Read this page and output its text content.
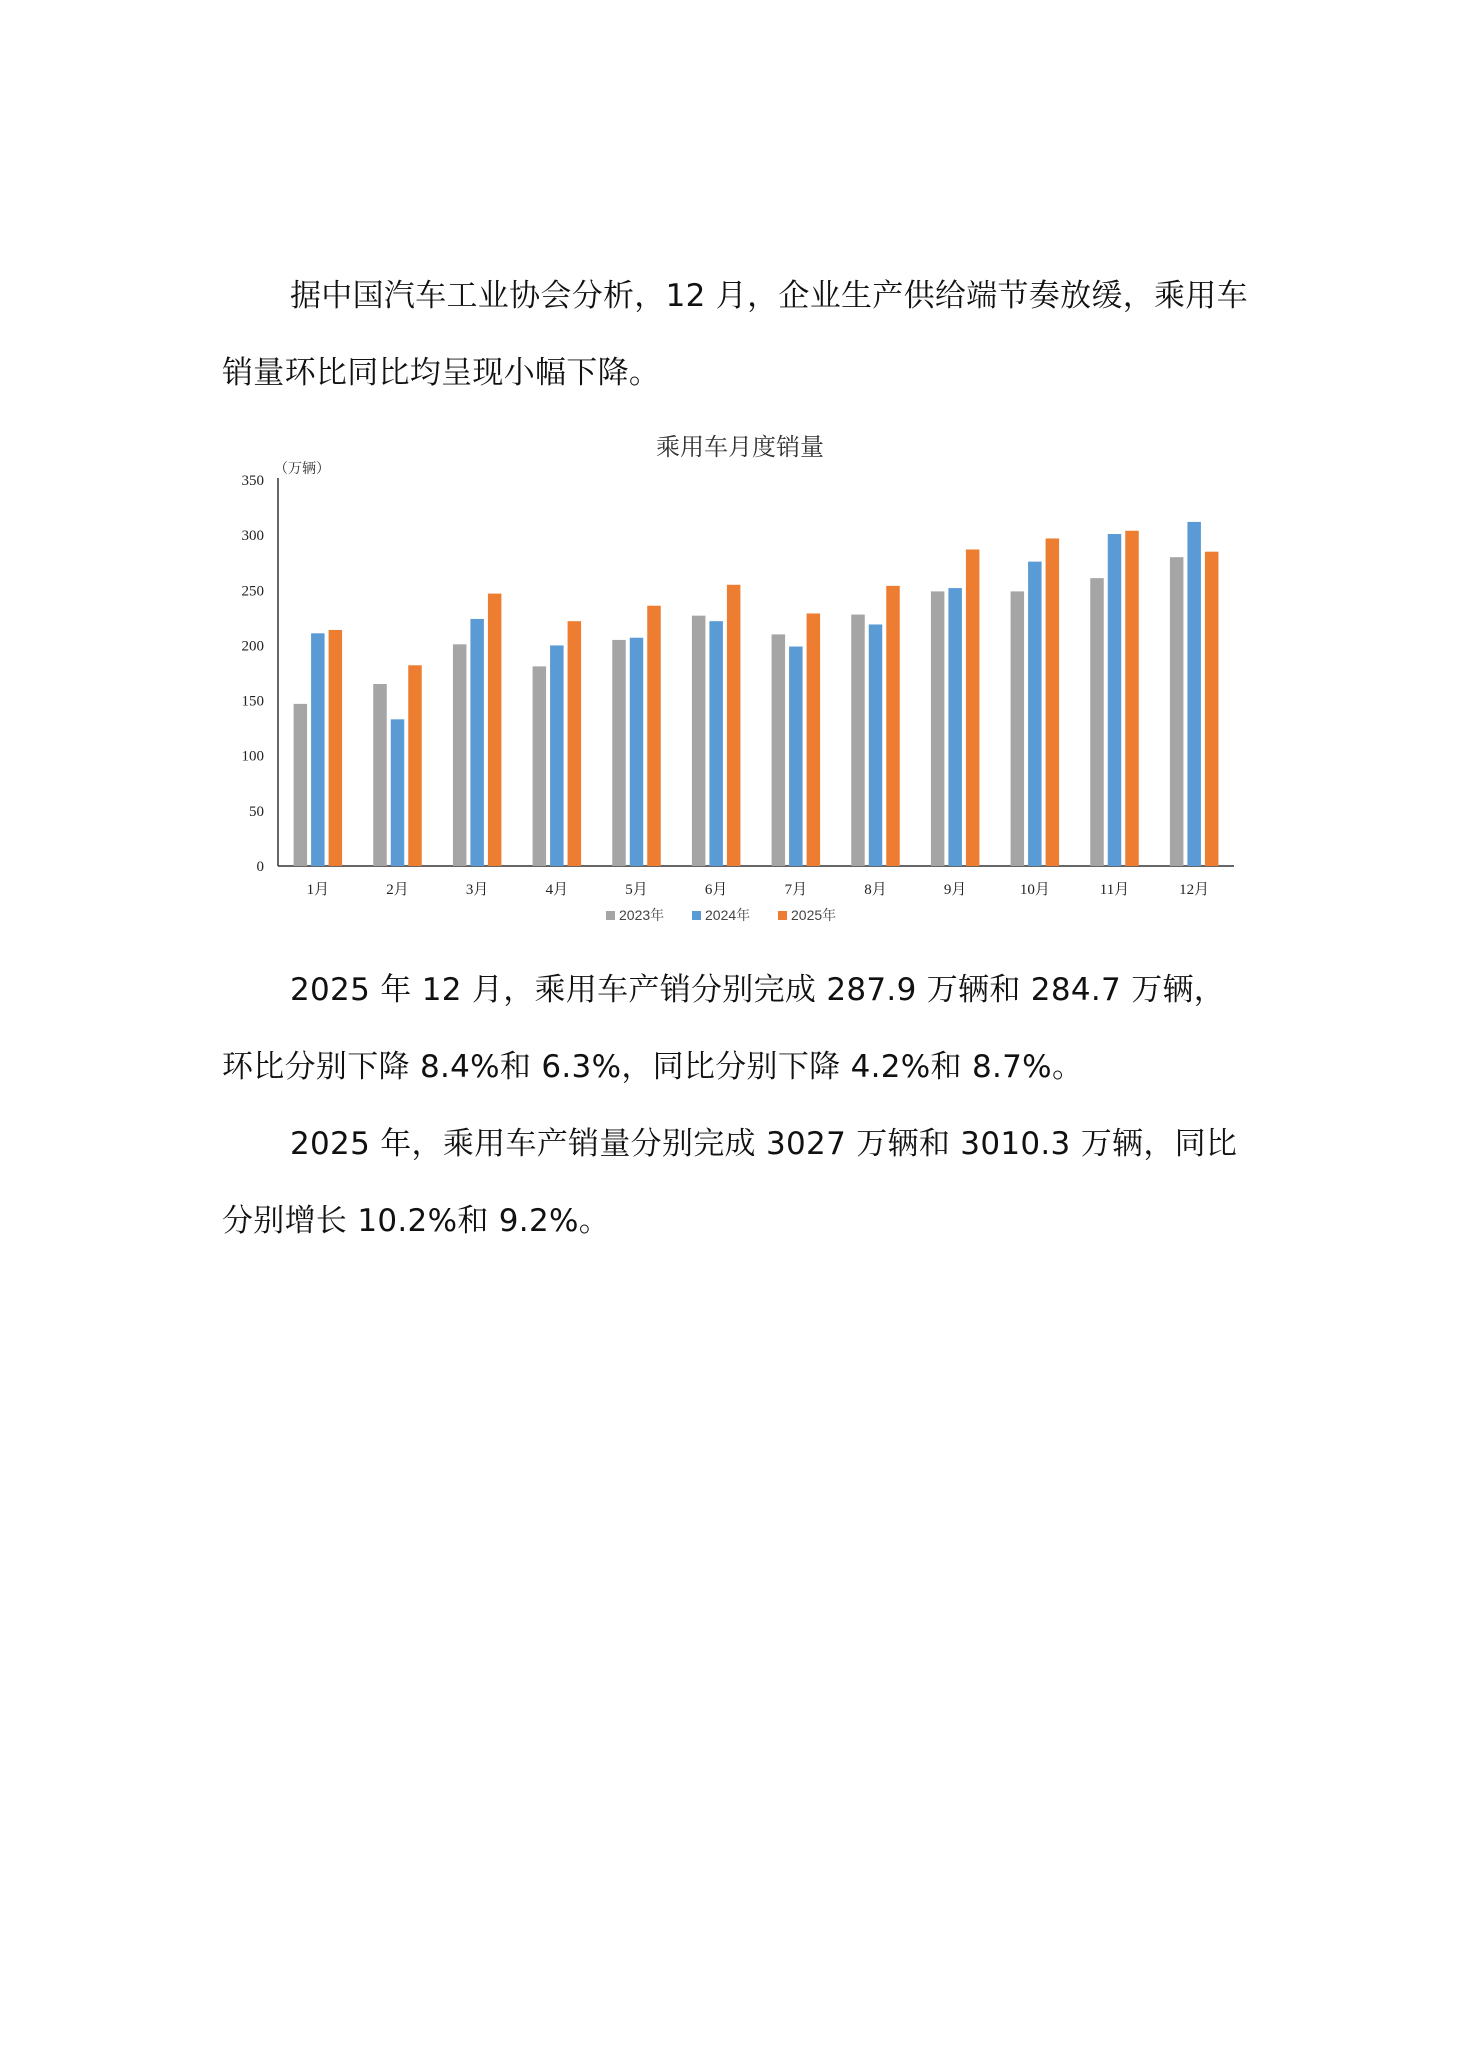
据中国汽车工业协会分析，12 月，企业生产供给端节奏放缓，乘用车销量环比同比均呈现小幅下降。

乘用车月度销量
（万辆）
0
50
100
150
200
250
300
350
1月	2月	3月	4月	5月	6月	7月	8月	9月	10月	11月	12月
2023年	2024年	2025年

2025 年 12 月，乘用车产销分别完成 287.9 万辆和 284.7 万辆，环比分别下降 8.4%和 6.3%，同比分别下降 4.2%和 8.7%。

2025 年，乘用车产销量分别完成 3027 万辆和 3010.3 万辆，同比分别增长 10.2%和 9.2%。
